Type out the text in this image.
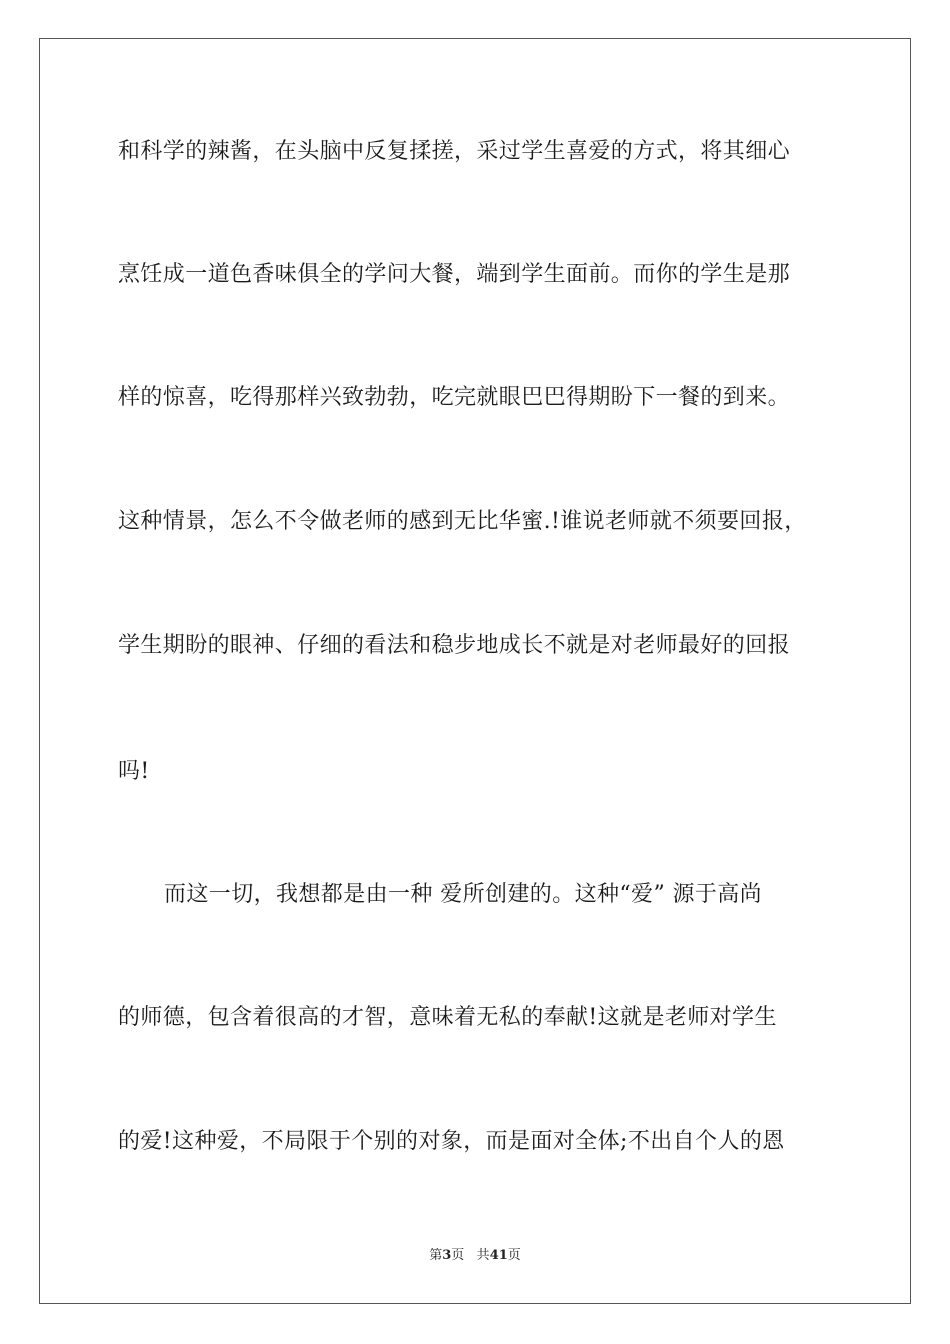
和科学的辣酱，在头脑中反复揉搓，采过学生喜爱的方式，将其细心
烹饪成一道色香味俱全的学问大餐，端到学生面前。而你的学生是那
样的惊喜，吃得那样兴致勃勃，吃完就眼巴巴得期盼下一餐的到来。
这种情景，怎么不令做老师的感到无比华蜜.!谁说老师就不须要回报，
学生期盼的眼神、仔细的看法和稳步地成长不就是对老师最好的回报
吗!
而这一切，我想都是由一种 爱所创建的。这种“爱” 源于高尚
的师德，包含着很高的才智，意味着无私的奉献!这就是老师对学生
的爱!这种爱，不局限于个别的对象，而是面对全体;不出自个人的恩
第3页 共41页
